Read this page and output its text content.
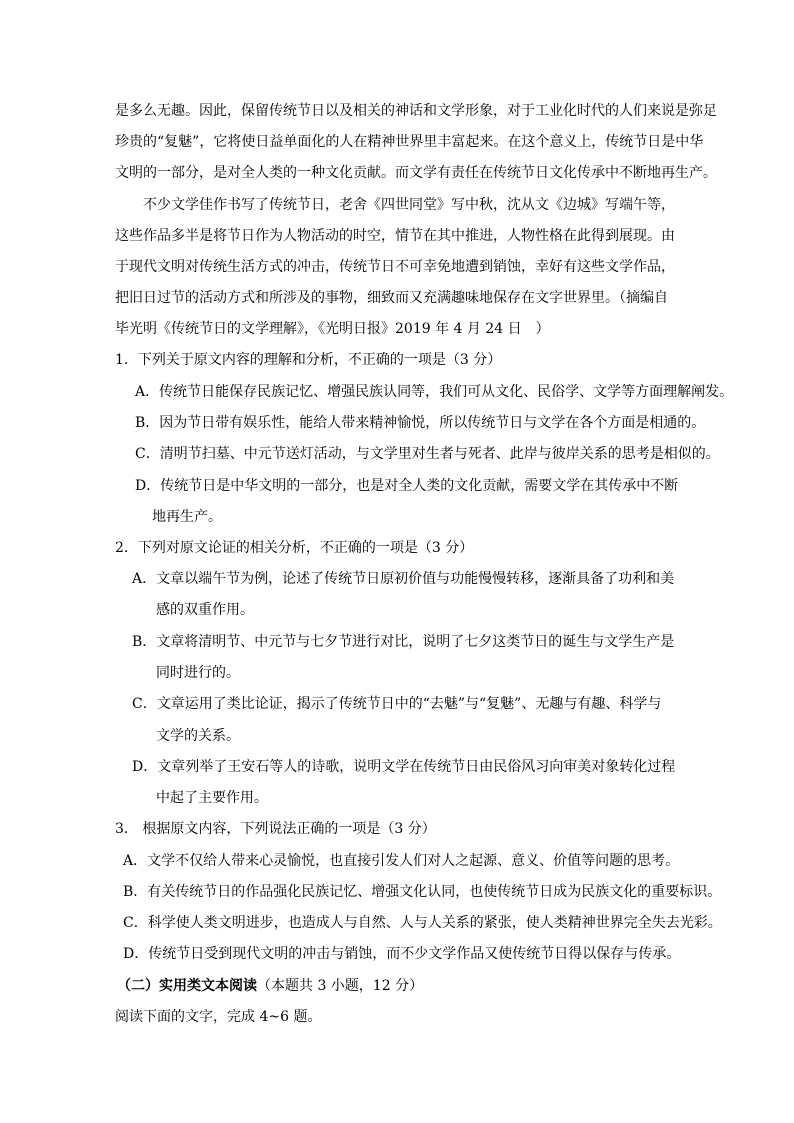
是多么无趣。因此，保留传统节日以及相关的神话和文学形象，对于工业化时代的人们来说是弥足
珍贵的“复魅”，它将使日益单面化的人在精神世界里丰富起来。在这个意义上，传统节日是中华
文明的一部分，是对全人类的一种文化贡献。而文学有责任在传统节日文化传承中不断地再生产。
不少文学佳作书写了传统节日，老舍《四世同堂》写中秋，沈从文《边城》写端午等，
这些作品多半是将节日作为人物活动的时空，情节在其中推进，人物性格在此得到展现。由
于现代文明对传统生活方式的冲击，传统节日不可幸免地遭到销蚀，幸好有这些文学作品，
把旧日过节的活动方式和所涉及的事物，细致而又充满趣味地保存在文字世界里。（摘编自
毕光明《传统节日的文学理解》，《光明日报》2019 年 4 月 24 日　）
1．下列关于原文内容的理解和分析，不正确的一项是（3 分）
A．传统节日能保存民族记忆、增强民族认同等，我们可从文化、民俗学、文学等方面理解阐发。
B．因为节日带有娱乐性，能给人带来精神愉悦，所以传统节日与文学在各个方面是相通的。
C．清明节扫墓、中元节送灯活动，与文学里对生者与死者、此岸与彼岸关系的思考是相似的。
D．传统节日是中华文明的一部分，也是对全人类的文化贡献，需要文学在其传承中不断
地再生产。
2．下列对原文论证的相关分析，不正确的一项是（3 分）
A．文章以端午节为例，论述了传统节日原初价值与功能慢慢转移，逐渐具备了功利和美
感的双重作用。
B．文章将清明节、中元节与七夕节进行对比，说明了七夕这类节日的诞生与文学生产是
同时进行的。
C．文章运用了类比论证，揭示了传统节日中的“去魅”与“复魅”、无趣与有趣、科学与
文学的关系。
D．文章列举了王安石等人的诗歌，说明文学在传统节日由民俗风习向审美对象转化过程
中起了主要作用。
3． 根据原文内容，下列说法正确的一项是（3 分）
A．文学不仅给人带来心灵愉悦，也直接引发人们对人之起源、意义、价值等问题的思考。
B．有关传统节日的作品强化民族记忆、增强文化认同，也使传统节日成为民族文化的重要标识。
C．科学使人类文明进步，也造成人与自然、人与人关系的紧张，使人类精神世界完全失去光彩。
D．传统节日受到现代文明的冲击与销蚀，而不少文学作品又使传统节日得以保存与传承。
（二）实用类文本阅读（本题共 3 小题，12 分）
阅读下面的文字，完成 4~6 题。
